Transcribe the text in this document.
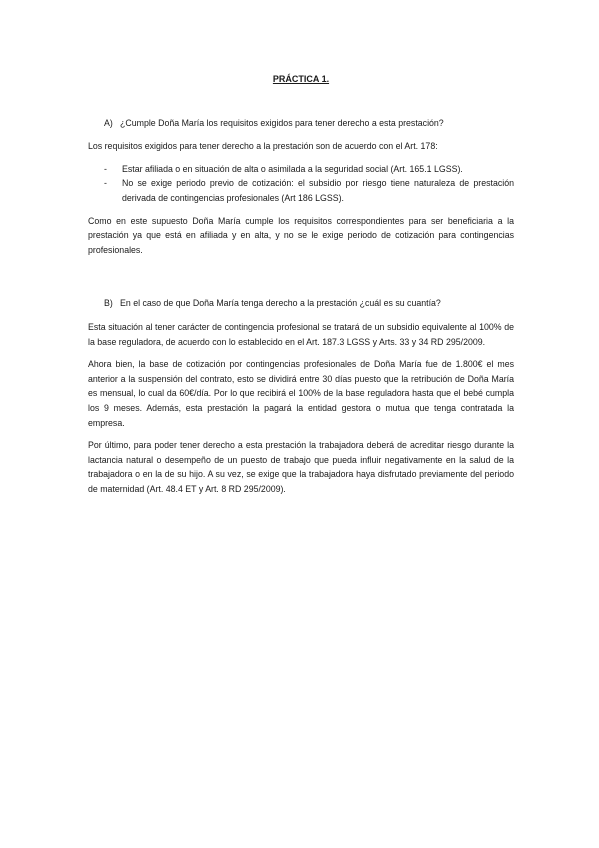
PRÁCTICA 1.
A) ¿Cumple Doña María los requisitos exigidos para tener derecho a esta prestación?

Los requisitos exigidos para tener derecho a la prestación son de acuerdo con el Art. 178:

- Estar afiliada o en situación de alta o asimilada a la seguridad social (Art. 165.1 LGSS).
- No se exige periodo previo de cotización: el subsidio por riesgo tiene naturaleza de prestación derivada de contingencias profesionales (Art 186 LGSS).

Como en este supuesto Doña María cumple los requisitos correspondientes para ser beneficiaria a la prestación ya que está en afiliada y en alta, y no se le exige periodo de cotización para contingencias profesionales.

B) En el caso de que Doña María tenga derecho a la prestación ¿cuál es su cuantía?

Esta situación al tener carácter de contingencia profesional se tratará de un subsidio equivalente al 100% de la base reguladora, de acuerdo con lo establecido en el Art. 187.3 LGSS y Arts. 33 y 34 RD 295/2009.

Ahora bien, la base de cotización por contingencias profesionales de Doña María fue de 1.800€ el mes anterior a la suspensión del contrato, esto se dividirá entre 30 días puesto que la retribución de Doña María es mensual, lo cual da 60€/día. Por lo que recibirá el 100% de la base reguladora hasta que el bebé cumpla los 9 meses. Además, esta prestación la pagará la entidad gestora o mutua que tenga contratada la empresa.

Por último, para poder tener derecho a esta prestación la trabajadora deberá de acreditar riesgo durante la lactancia natural o desempeño de un puesto de trabajo que pueda influir negativamente en la salud de la trabajadora o en la de su hijo. A su vez, se exige que la trabajadora haya disfrutado previamente del periodo de maternidad (Art. 48.4 ET y Art. 8 RD 295/2009).
